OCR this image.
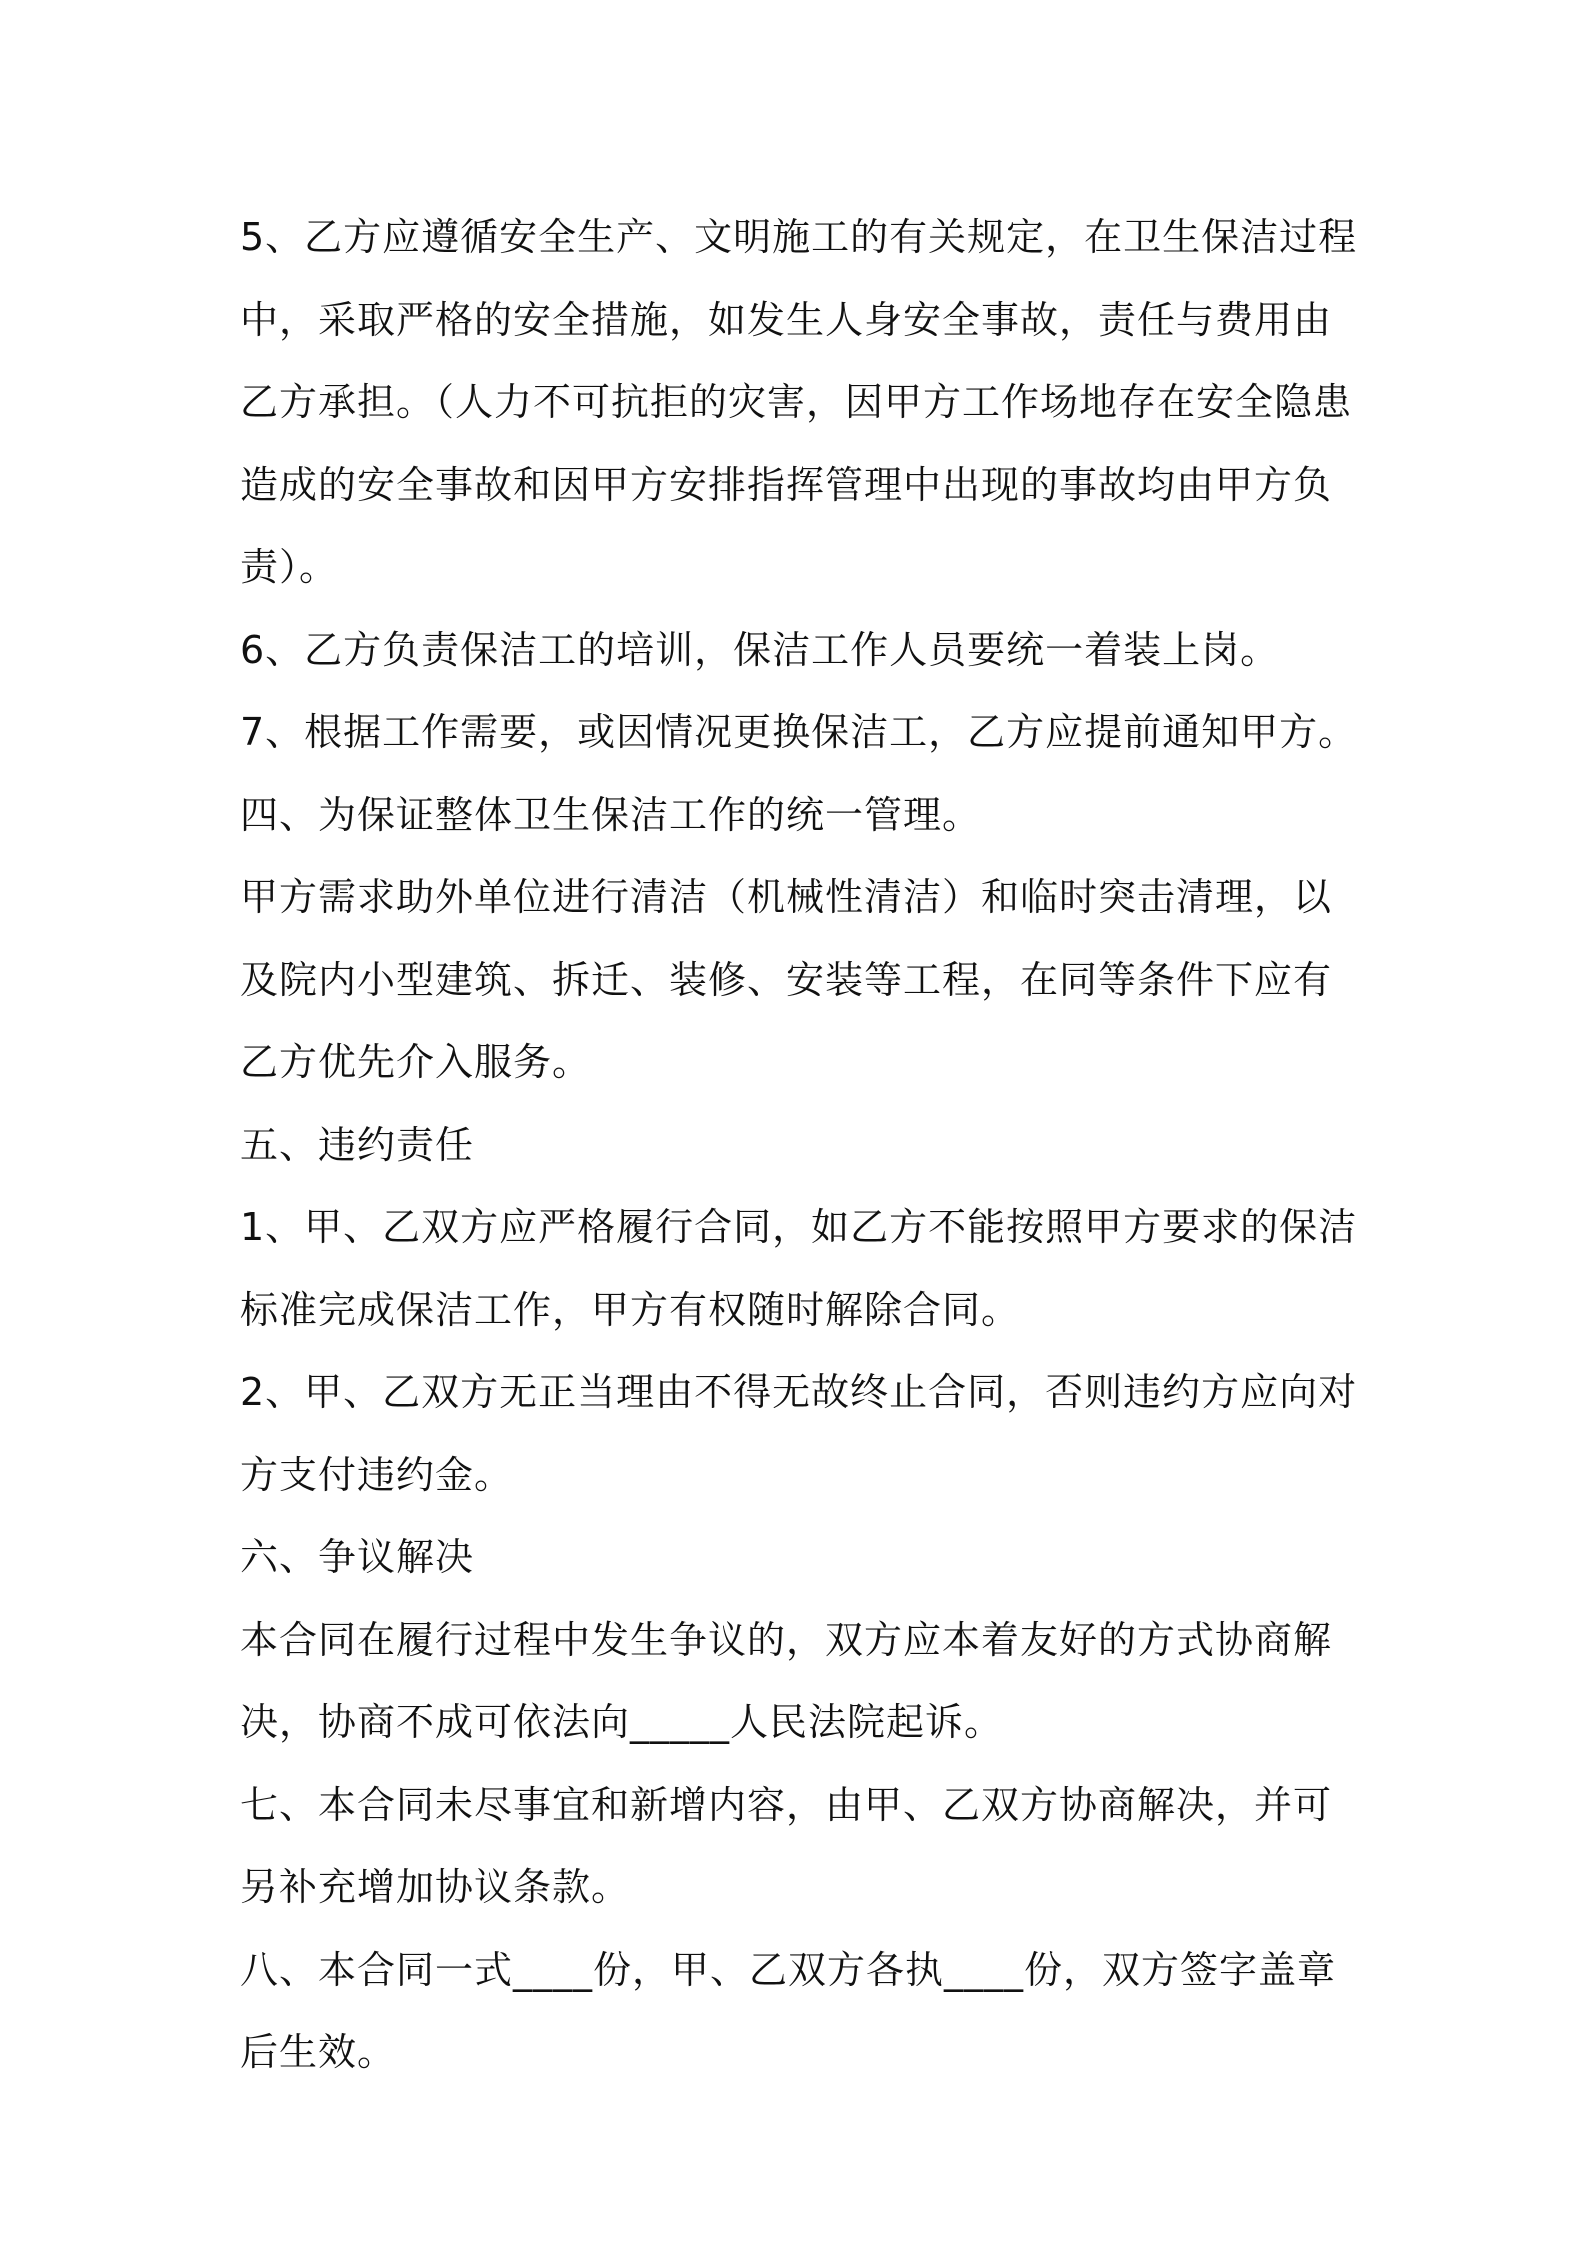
5、乙方应遵循安全生产、文明施工的有关规定，在卫生保洁过程中，采取严格的安全措施，如发生人身安全事故，责任与费用由乙方承担。（人力不可抗拒的灾害，因甲方工作场地存在安全隐患造成的安全事故和因甲方安排指挥管理中出现的事故均由甲方负责）。

6、乙方负责保洁工的培训，保洁工作人员要统一着装上岗。

7、根据工作需要，或因情况更换保洁工，乙方应提前通知甲方。

四、为保证整体卫生保洁工作的统一管理。

甲方需求助外单位进行清洁（机械性清洁）和临时突击清理，以及院内小型建筑、拆迁、装修、安装等工程，在同等条件下应有乙方优先介入服务。

五、违约责任

1、甲、乙双方应严格履行合同，如乙方不能按照甲方要求的保洁标准完成保洁工作，甲方有权随时解除合同。

2、甲、乙双方无正当理由不得无故终止合同，否则违约方应向对方支付违约金。

六、争议解决

本合同在履行过程中发生争议的，双方应本着友好的方式协商解决，协商不成可依法向_____人民法院起诉。

七、本合同未尽事宜和新增内容，由甲、乙双方协商解决，并可另补充增加协议条款。

八、本合同一式____份，甲、乙双方各执____份，双方签字盖章后生效。
